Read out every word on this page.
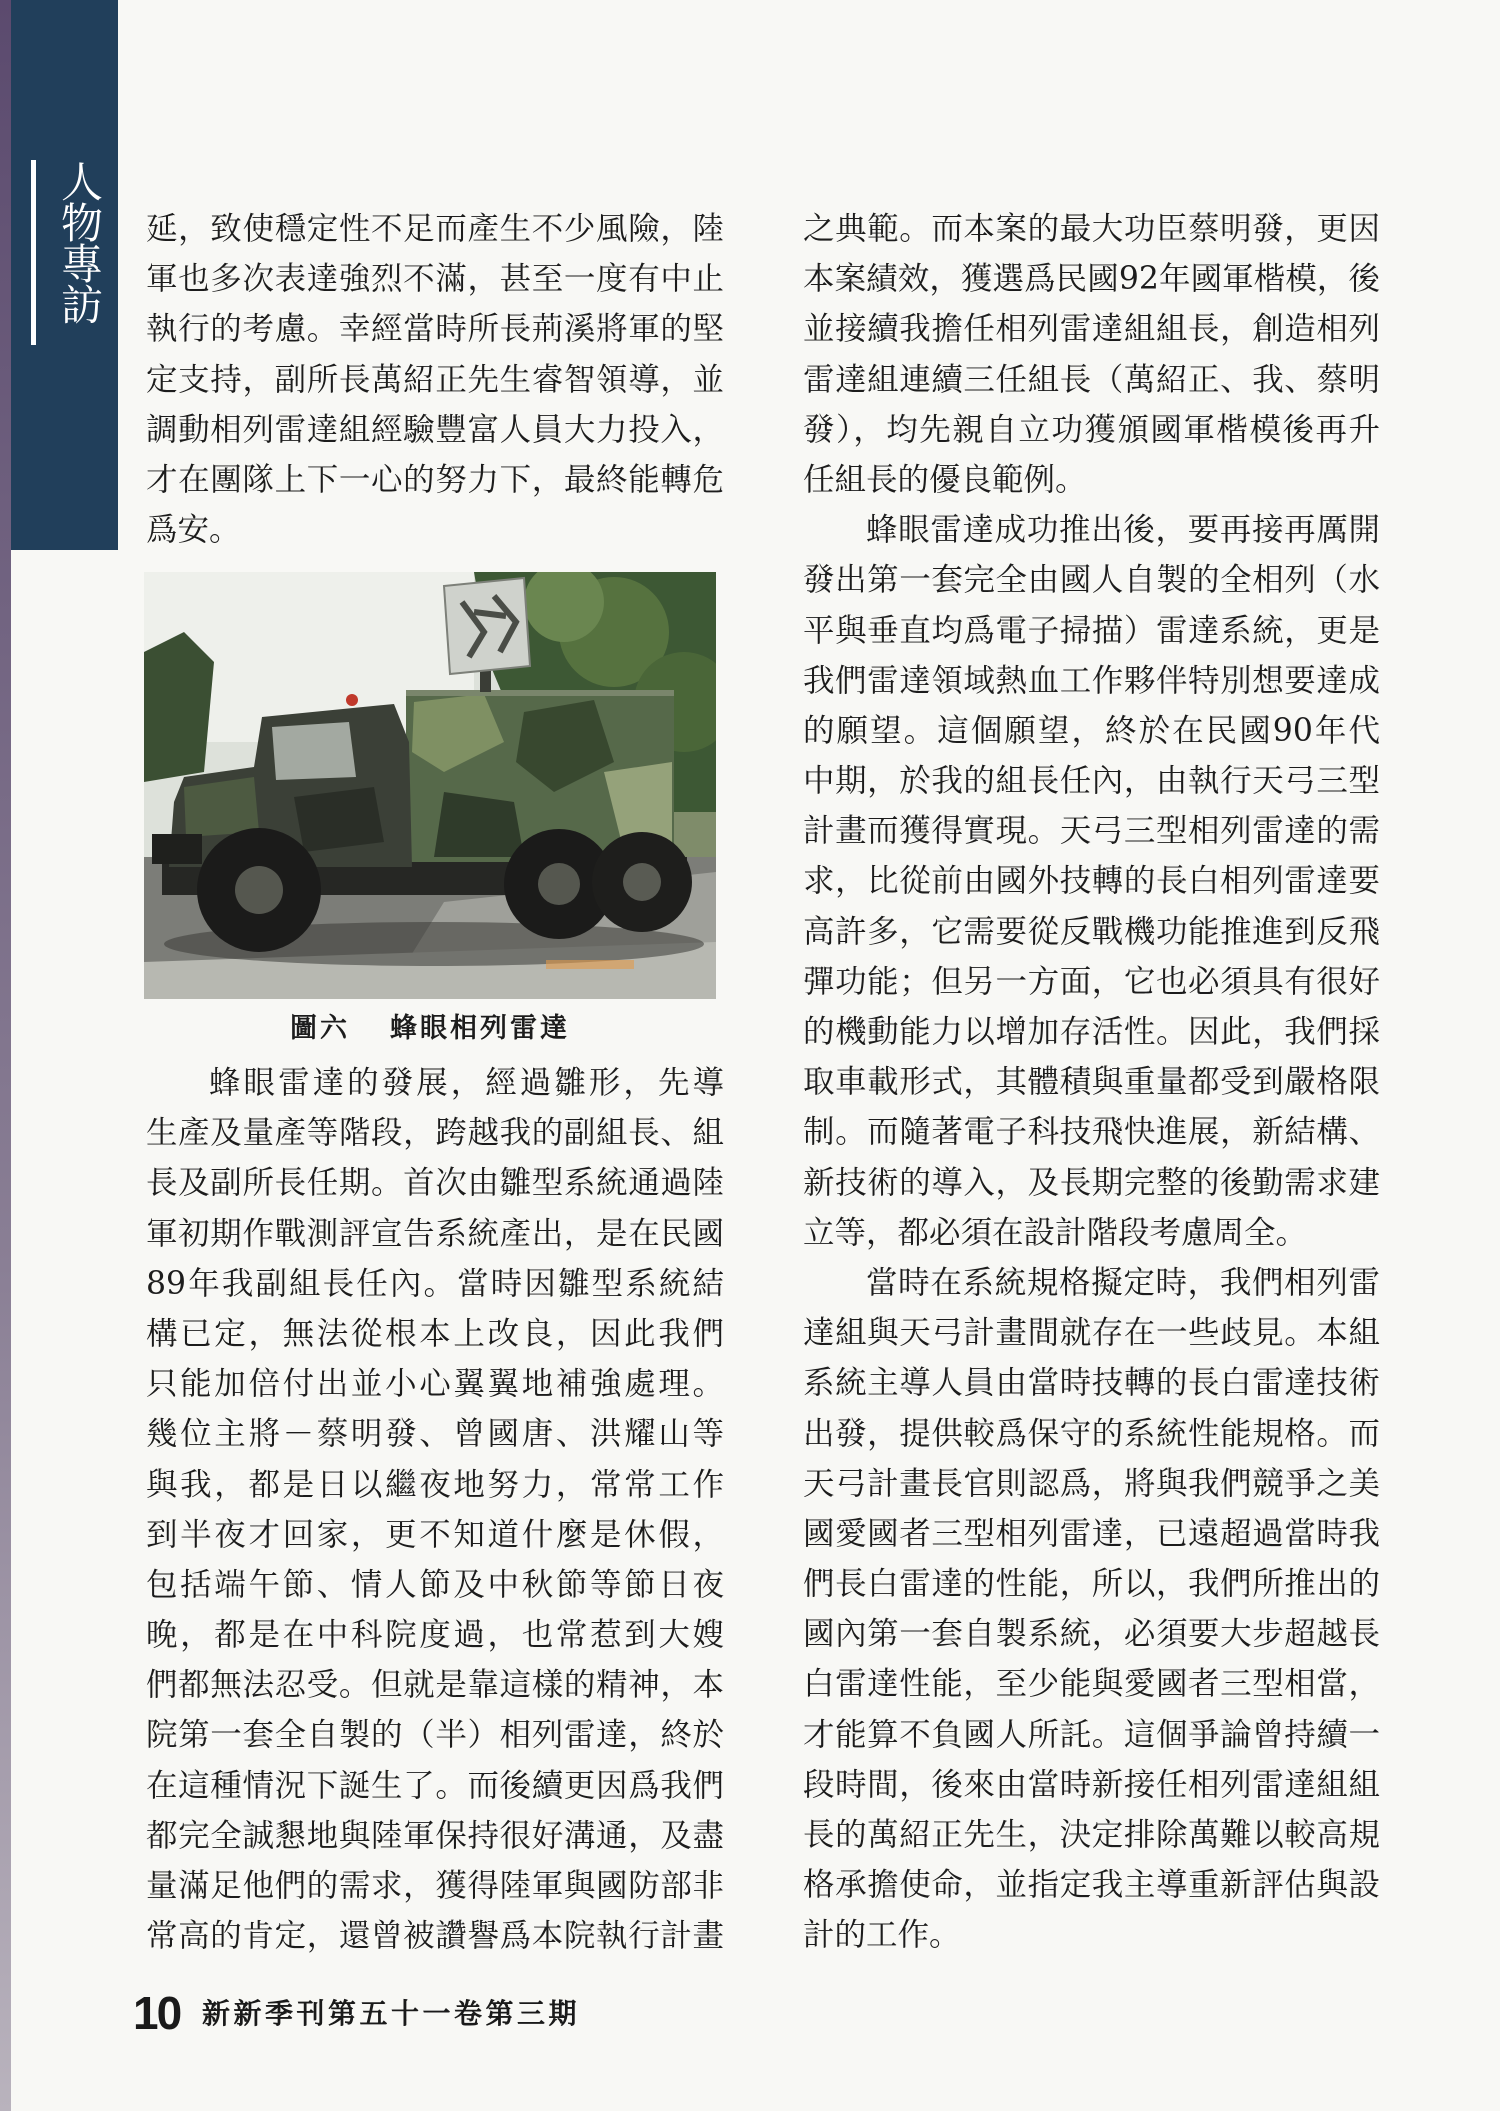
人物專訪 延，致使穩定性不足而產生不少風險，陸
軍也多次表達強烈不滿，甚至一度有中止
執行的考慮。幸經當時所長荊溪將軍的堅
定支持，副所長萬紹正先生睿智領導，並
調動相列雷達組經驗豐富人員大力投入，
才在團隊上下一心的努力下，最終能轉危
爲安。
圖六 蜂眼相列雷達
蜂眼雷達的發展，經過雛形，先導
生產及量產等階段，跨越我的副組長、組
長及副所長任期。首次由雛型系統通過陸
軍初期作戰測評宣告系統產出，是在民國
89年我副組長任內。當時因雛型系統結
構已定，無法從根本上改良，因此我們
只能加倍付出並小心翼翼地補強處理。
幾位主將－蔡明發、曾國唐、洪耀山等
與我，都是日以繼夜地努力，常常工作
到半夜才回家，更不知道什麼是休假，
包括端午節、情人節及中秋節等節日夜
晚，都是在中科院度過，也常惹到大嫂
們都無法忍受。但就是靠這樣的精神，本
院第一套全自製的（半）相列雷達，終於
在這種情況下誕生了。而後續更因爲我們
都完全誠懇地與陸軍保持很好溝通，及盡
量滿足他們的需求，獲得陸軍與國防部非
常高的肯定，還曾被讚譽爲本院執行計畫
之典範。而本案的最大功臣蔡明發，更因
本案績效，獲選爲民國92年國軍楷模，後
並接續我擔任相列雷達組組長，創造相列
雷達組連續三任組長（萬紹正、我、蔡明
發），均先親自立功獲頒國軍楷模後再升
任組長的優良範例。
蜂眼雷達成功推出後，要再接再厲開
發出第一套完全由國人自製的全相列（水
平與垂直均爲電子掃描）雷達系統，更是
我們雷達領域熱血工作夥伴特別想要達成
的願望。這個願望，終於在民國90年代
中期，於我的組長任內，由執行天弓三型
計畫而獲得實現。天弓三型相列雷達的需
求，比從前由國外技轉的長白相列雷達要
高許多，它需要從反戰機功能推進到反飛
彈功能；但另一方面，它也必須具有很好
的機動能力以增加存活性。因此，我們採
取車載形式，其體積與重量都受到嚴格限
制。而隨著電子科技飛快進展，新結構、
新技術的導入，及長期完整的後勤需求建
立等，都必須在設計階段考慮周全。
當時在系統規格擬定時，我們相列雷
達組與天弓計畫間就存在一些歧見。本組
系統主導人員由當時技轉的長白雷達技術
出發，提供較爲保守的系統性能規格。而
天弓計畫長官則認爲，將與我們競爭之美
國愛國者三型相列雷達，已遠超過當時我
們長白雷達的性能，所以，我們所推出的
國內第一套自製系統，必須要大步超越長
白雷達性能，至少能與愛國者三型相當，
才能算不負國人所託。這個爭論曾持續一
段時間，後來由當時新接任相列雷達組組
長的萬紹正先生，決定排除萬難以較高規
格承擔使命，並指定我主導重新評估與設
計的工作。
10 新新季刊第五十一卷第三期
